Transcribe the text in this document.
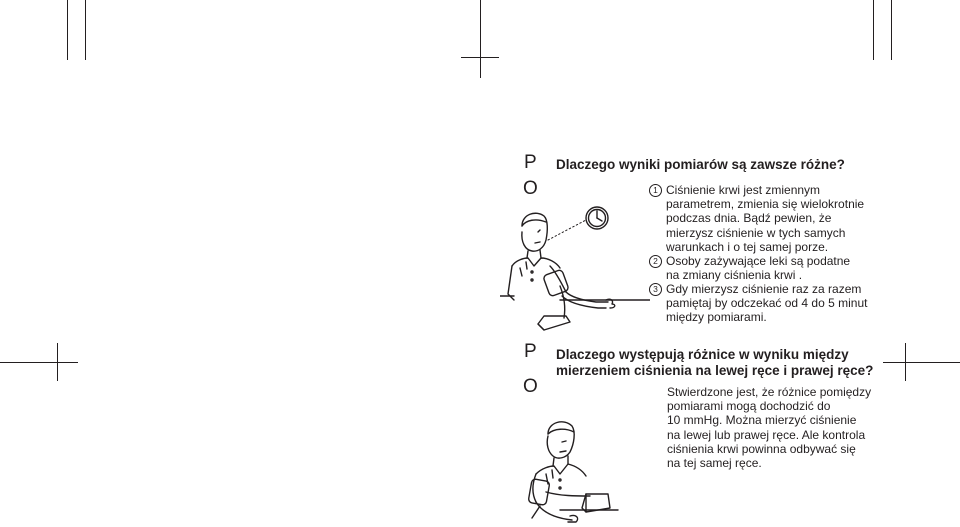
P
O
Dlaczego wyniki pomiarów są zawsze różne?
1 Ciśnienie krwi jest zmiennym
parametrem, zmienia się wielokrotnie
podczas dnia. Bądź pewien, że
mierzysz ciśnienie w tych samych
warunkach i o tej samej porze.
2 Osoby zażywające leki są podatne
na zmiany ciśnienia krwi .
3 Gdy mierzysz ciśnienie raz za razem
pamiętaj by odczekać od 4 do 5 minut
między pomiarami.
P
O
Dlaczego występują różnice w wyniku między
mierzeniem ciśnienia na lewej ręce i prawej ręce?
Stwierdzone jest, że różnice pomiędzy
pomiarami mogą dochodzić do
10 mmHg. Można mierzyć ciśnienie
na lewej lub prawej ręce. Ale kontrola
ciśnienia krwi powinna odbywać się
na tej samej ręce.
